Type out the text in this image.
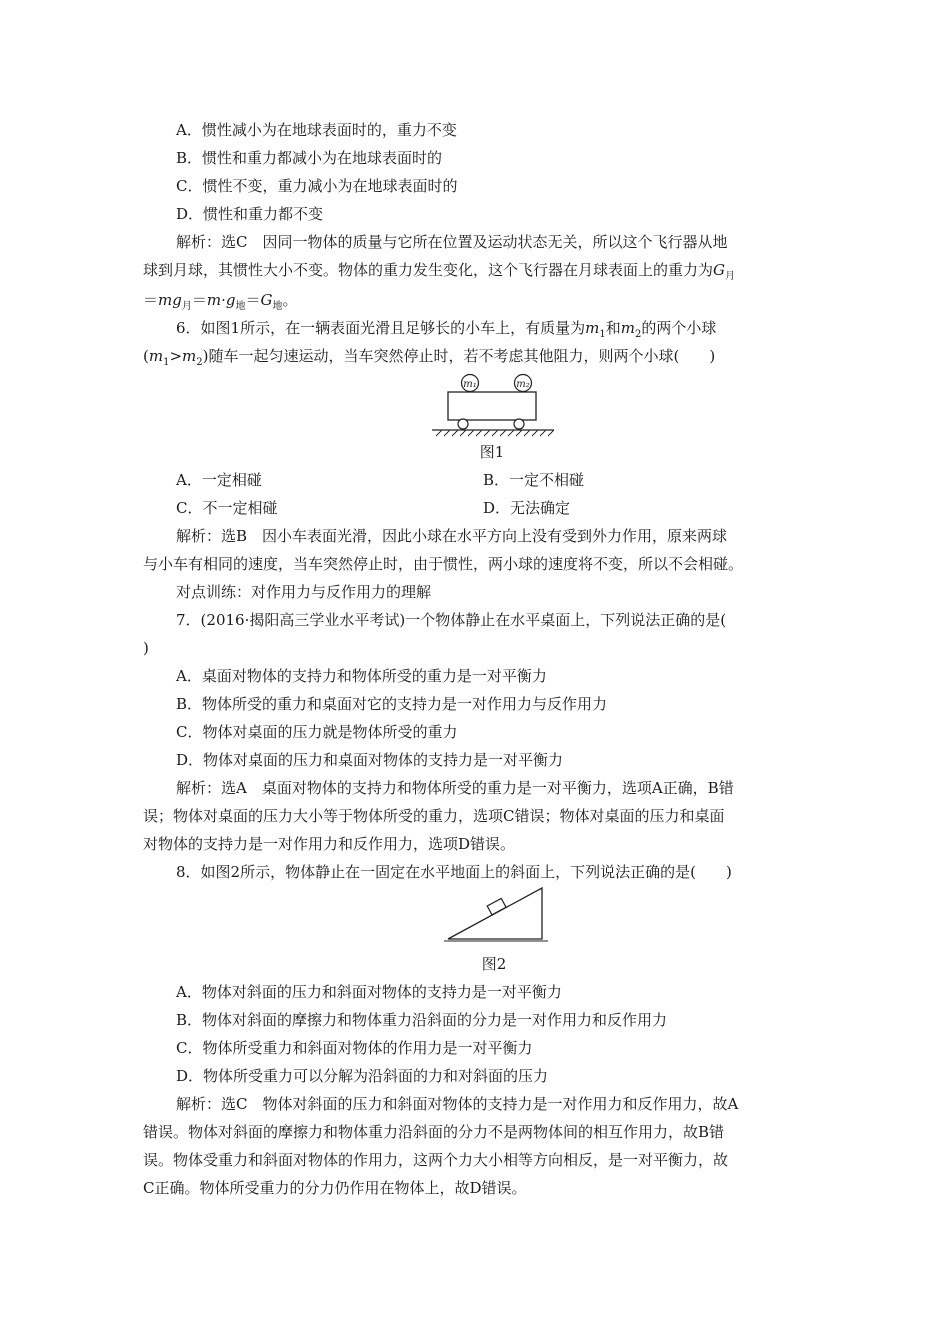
A．惯性减小为在地球表面时的，重力不变
B．惯性和重力都减小为在地球表面时的
C．惯性不变，重力减小为在地球表面时的
D．惯性和重力都不变
解析：选C　因同一物体的质量与它所在位置及运动状态无关，所以这个飞行器从地
球到月球，其惯性大小不变。物体的重力发生变化，这个飞行器在月球表面上的重力为$G_月$
$=mg_月=m\cdot g_地=G_地$。
6．如图1所示，在一辆表面光滑且足够长的小车上，有质量为$m_1$和$m_2$的两个小球
$(m_1>m_2)$随车一起匀速运动，当车突然停止时，若不考虑其他阻力，则两个小球(　　)
m₁	m₂
图1
A．一定相碰	B．一定不相碰
C．不一定相碰	D．无法确定
解析：选B　因小车表面光滑，因此小球在水平方向上没有受到外力作用，原来两球
与小车有相同的速度，当车突然停止时，由于惯性，两小球的速度将不变，所以不会相碰。
对点训练：对作用力与反作用力的理解
7．(2016·揭阳高三学业水平考试)一个物体静止在水平桌面上，下列说法正确的是(
)
A．桌面对物体的支持力和物体所受的重力是一对平衡力
B．物体所受的重力和桌面对它的支持力是一对作用力与反作用力
C．物体对桌面的压力就是物体所受的重力
D．物体对桌面的压力和桌面对物体的支持力是一对平衡力
解析：选A　桌面对物体的支持力和物体所受的重力是一对平衡力，选项A正确，B错
误；物体对桌面的压力大小等于物体所受的重力，选项C错误；物体对桌面的压力和桌面
对物体的支持力是一对作用力和反作用力，选项D错误。
8．如图2所示，物体静止在一固定在水平地面上的斜面上，下列说法正确的是(　　)
图2
A．物体对斜面的压力和斜面对物体的支持力是一对平衡力
B．物体对斜面的摩擦力和物体重力沿斜面的分力是一对作用力和反作用力
C．物体所受重力和斜面对物体的作用力是一对平衡力
D．物体所受重力可以分解为沿斜面的力和对斜面的压力
解析：选C　物体对斜面的压力和斜面对物体的支持力是一对作用力和反作用力，故A
错误。物体对斜面的摩擦力和物体重力沿斜面的分力不是两物体间的相互作用力，故B错
误。物体受重力和斜面对物体的作用力，这两个力大小相等方向相反，是一对平衡力，故
C正确。物体所受重力的分力仍作用在物体上，故D错误。
